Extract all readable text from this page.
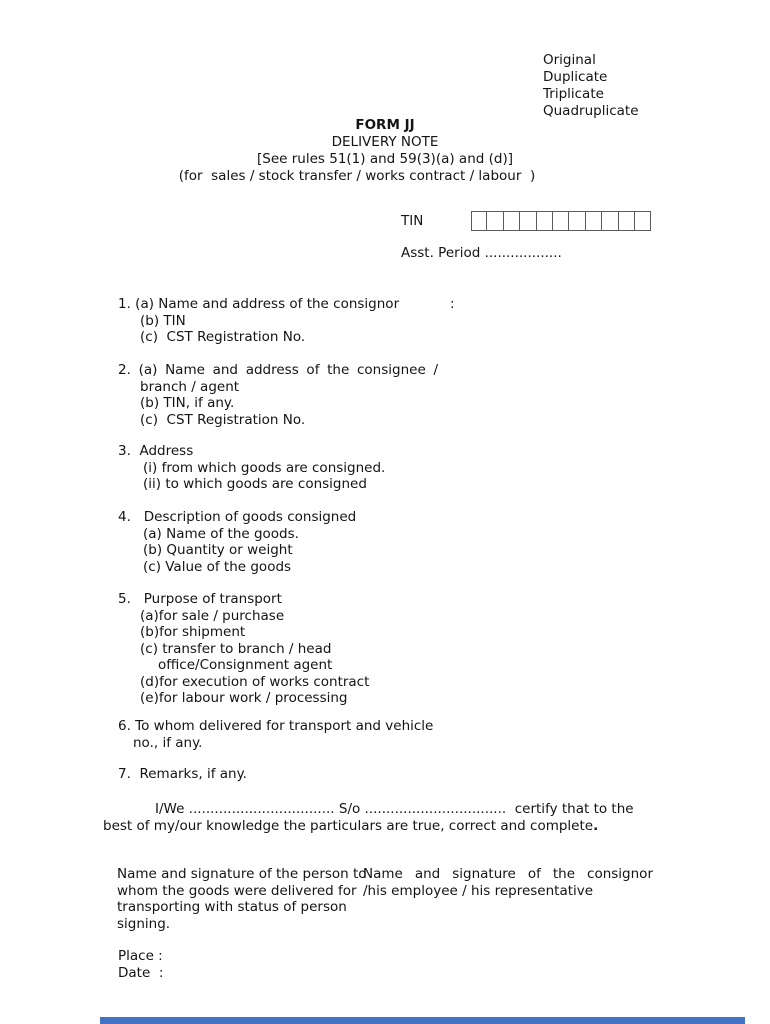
Original
Duplicate
Triplicate
Quadruplicate
FORM JJ
DELIVERY NOTE
[See rules 51(1) and 59(3)(a) and (d)]
(for  sales / stock transfer / works contract / labour  )
TIN
Asst. Period ..................
1. (a) Name and address of the consignor	:
(b) TIN
(c)  CST Registration No.
2. (a) Name and address of the consignee /
branch / agent
(b) TIN, if any.
(c)  CST Registration No.
3.  Address
(i) from which goods are consigned.
(ii) to which goods are consigned
4.   Description of goods consigned
(a) Name of the goods.
(b) Quantity or weight
(c) Value of the goods
5.   Purpose of transport
(a)for sale / purchase
(b)for shipment
(c) transfer to branch / head
office/Consignment agent
(d)for execution of works contract
(e)for labour work / processing
6. To whom delivered for transport and vehicle
no., if any.
7.  Remarks, if any.
I/We .................................. S/o .................................  certify that to the
best of my/our knowledge the particulars are true, correct and complete.
Name and signature of the person to
whom the goods were delivered for
transporting with status of person
signing.
Name and signature of the consignor
/his employee / his representative
Place :
Date  :
